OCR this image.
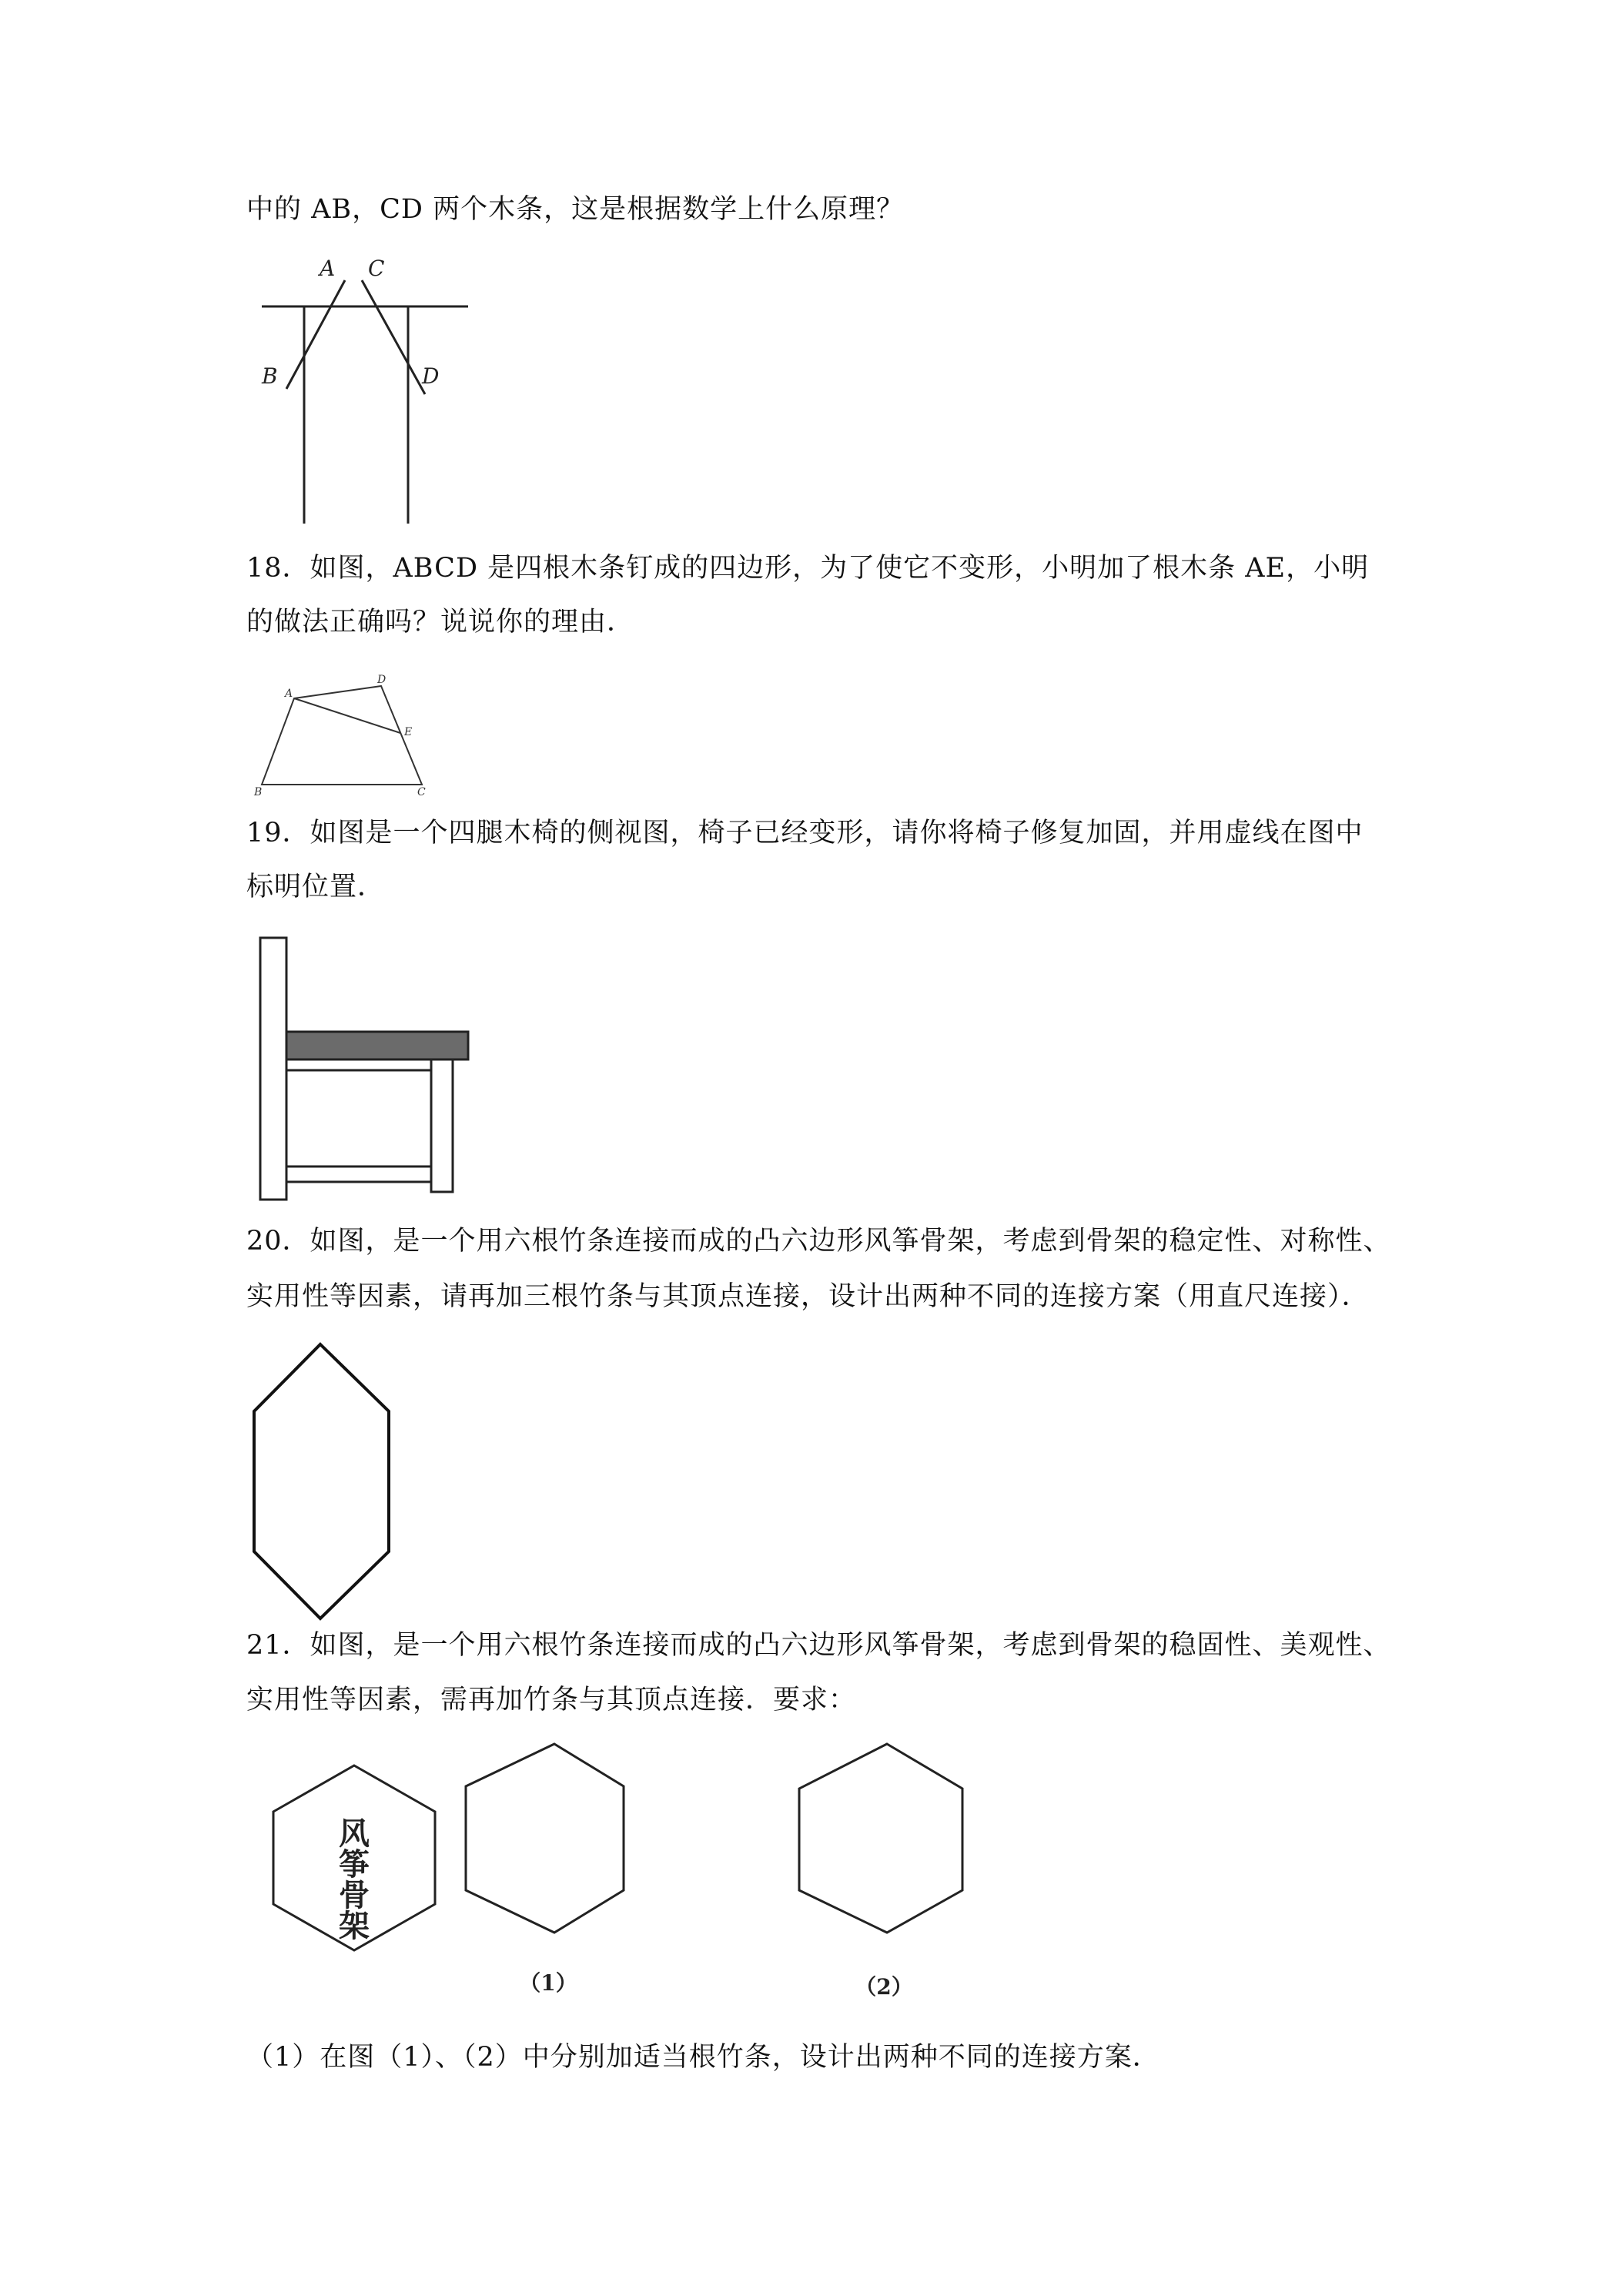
中的 AB，CD 两个木条，这是根据数学上什么原理？
A C
B	D
18．如图，ABCD 是四根木条钉成的四边形，为了使它不变形，小明加了根木条 AE，小明
的做法正确吗？说说你的理由．
A
D
E
B	C
19．如图是一个四腿木椅的侧视图，椅子已经变形，请你将椅子修复加固，并用虚线在图中
标明位置．
20．如图，是一个用六根竹条连接而成的凸六边形风筝骨架，考虑到骨架的稳定性、对称性、
实用性等因素，请再加三根竹条与其顶点连接，设计出两种不同的连接方案（用直尺连接）．
21．如图，是一个用六根竹条连接而成的凸六边形风筝骨架，考虑到骨架的稳固性、美观性、
实用性等因素，需再加竹条与其顶点连接．要求：
风
筝
骨
架
（1）	（2）
（1）在图（1）、（2）中分别加适当根竹条，设计出两种不同的连接方案．
